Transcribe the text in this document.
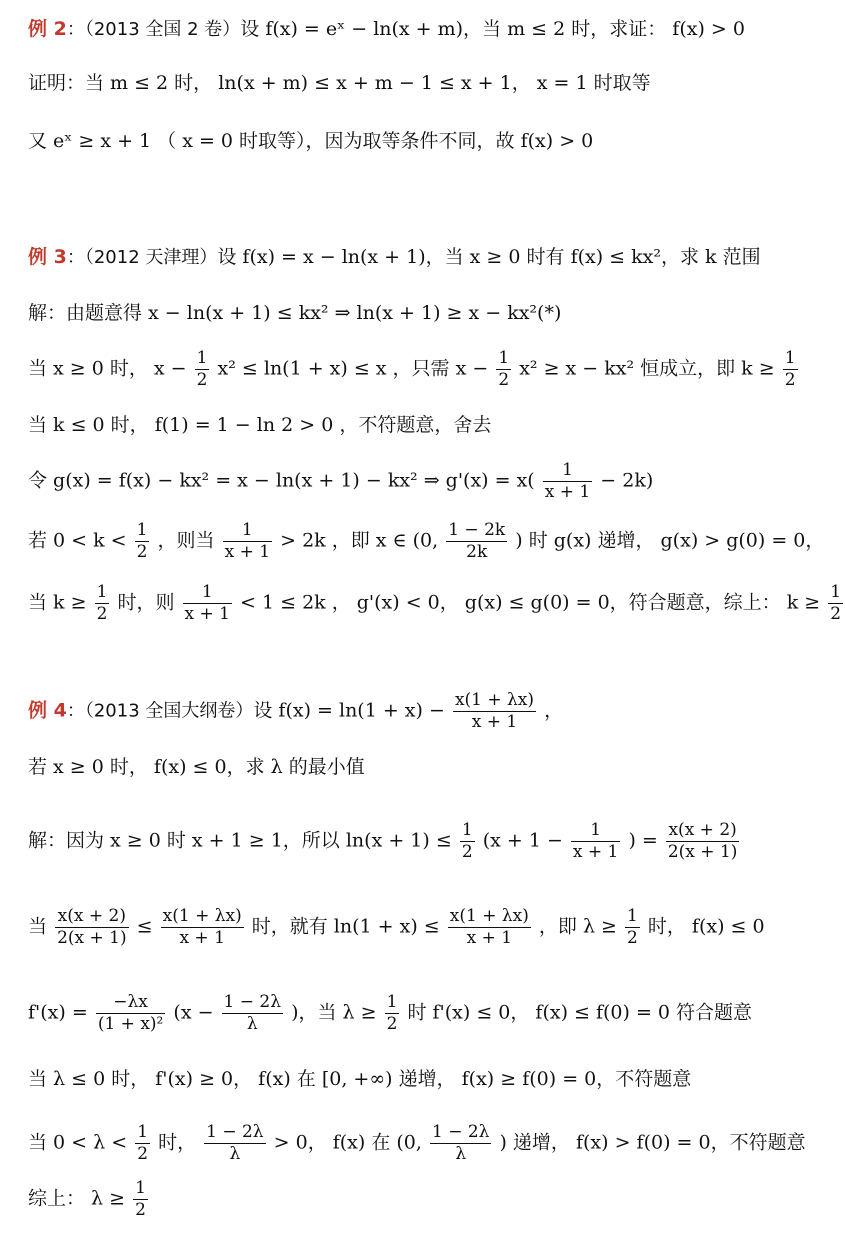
例 2：（2013 全国 2 卷）设 f(x) = eˣ − ln(x + m)，当 m ≤ 2 时，求证： f(x) > 0
证明：当 m ≤ 2 时， ln(x + m) ≤ x + m − 1 ≤ x + 1， x = 1 时取等
又 eˣ ≥ x + 1 （ x = 0 时取等），因为取等条件不同，故 f(x) > 0
例 3：（2012 天津理）设 f(x) = x − ln(x + 1)，当 x ≥ 0 时有 f(x) ≤ kx²，求 k 范围
解：由题意得 x − ln(x + 1) ≤ kx² ⇒ ln(x + 1) ≥ x − kx²(*)
当 x ≥ 0 时， $x - \frac{1}{2} x^2 \le \ln(1 + x) \le x$ ，只需 $x - \frac{1}{2} x^2 \ge x - kx^2$ 恒成立，即 $k \ge \frac{1}{2}$
当 k ≤ 0 时， f(1) = 1 − ln 2 > 0 ，不符题意，舍去
令 g(x) = f(x) − kx² = x − ln(x + 1) − kx² ⇒ $g'(x) = x( \frac{1}{x + 1} - 2k)$
若 $0 < k < \frac{1}{2}$ ，则当 $\frac{1}{x + 1} > 2k$ ，即 x ∈ (0, $\frac{1 - 2k}{2k}$ ) 时 g(x) 递增， g(x) > g(0) = 0，
当 $k \ge \frac{1}{2}$ 时，则 $\frac{1}{x + 1} < 1 \le 2k$ ， g'(x) < 0， g(x) ≤ g(0) = 0，符合题意，综上： $k \ge \frac{1}{2}$
例 4：（2013 全国大纲卷）设 $f(x) = \ln(1 + x) - \frac{x(1 + \lambda x)}{x + 1}$ ，
若 x ≥ 0 时， f(x) ≤ 0，求 λ 的最小值
解：因为 x ≥ 0 时 x + 1 ≥ 1，所以 $\ln(x + 1) \le \frac{1}{2} (x + 1 - \frac{1}{x + 1}$ ) = $\frac{x(x + 2)}{2(x + 1)}$
当 $\frac{x(x + 2)}{2(x + 1)} \le \frac{x(1 + \lambda x)}{x + 1}$ 时，就有 $\ln(1 + x) \le \frac{x(1 + \lambda x)}{x + 1}$ ，即 $\lambda \ge \frac{1}{2}$ 时， f(x) ≤ 0
$f'(x) = \frac{-\lambda x}{\text{(1 + x)²}} (x - \frac{1 - 2\lambda}{\lambda}$ )，当 $\lambda \ge \frac{1}{2}$ 时 f'(x) ≤ 0， f(x) ≤ f(0) = 0 符合题意
当 λ ≤ 0 时， f'(x) ≥ 0， f(x) 在 [0, +∞) 递增， f(x) ≥ f(0) = 0，不符题意
当 $0 < \lambda < \frac{1}{2}$ 时， $\frac{1 - 2\lambda}{\lambda} > 0$， f(x) 在 (0, $\frac{1 - 2\lambda}{\lambda}$ ) 递增， f(x) > f(0) = 0，不符题意
综上： $\lambda \ge \frac{1}{2}$
